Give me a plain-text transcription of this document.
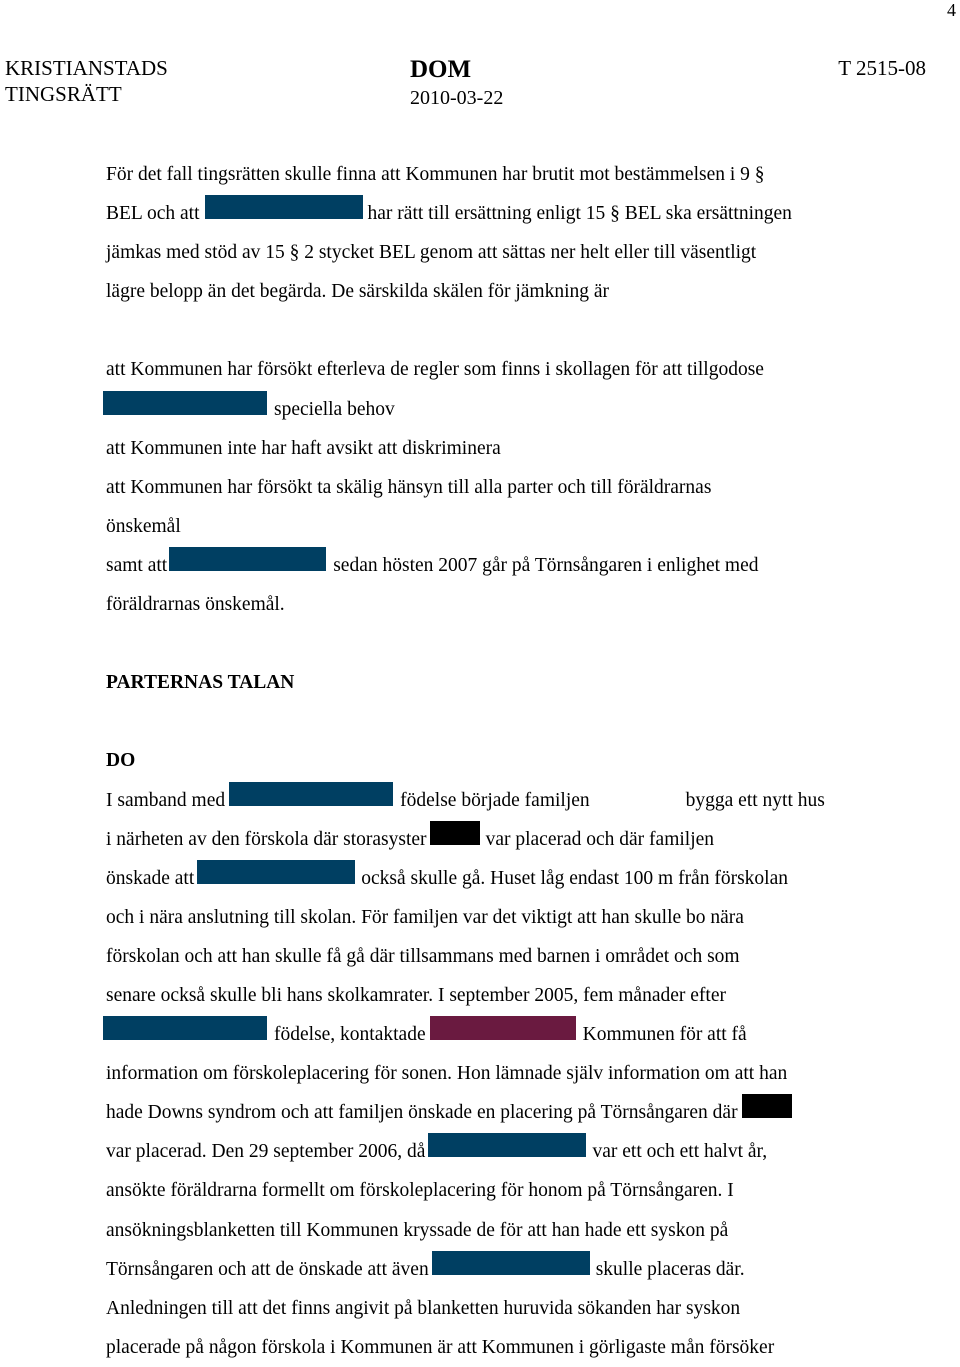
4
KRISTIANSTADS
TINGSRÄTT
DOM
2010-03-22
T 2515-08
För det fall tingsrätten skulle finna att Kommunen har brutit mot bestämmelsen i 9 §
BEL och att	har rätt till ersättning enligt 15 § BEL ska ersättningen
jämkas med stöd av 15 § 2 stycket BEL genom att sättas ner helt eller till väsentligt
lägre belopp än det begärda. De särskilda skälen för jämkning är
att Kommunen har försökt efterleva de regler som finns i skollagen för att tillgodose
speciella behov
att Kommunen inte har haft avsikt att diskriminera
att Kommunen har försökt ta skälig hänsyn till alla parter och till föräldrarnas
önskemål
samt att	sedan hösten 2007 går på Törnsångaren i enlighet med
föräldrarnas önskemål.
PARTERNAS TALAN
DO
I samband med	födelse började familjen	bygga ett nytt hus
i närheten av den förskola där storasyster	var placerad och där familjen
önskade att	också skulle gå. Huset låg endast 100 m från förskolan
och i nära anslutning till skolan. För familjen var det viktigt att han skulle bo nära
förskolan och att han skulle få gå där tillsammans med barnen i området och som
senare också skulle bli hans skolkamrater. I september 2005, fem månader efter
födelse, kontaktade	Kommunen för att få
information om förskoleplacering för sonen. Hon lämnade själv information om att han
hade Downs syndrom och att familjen önskade en placering på Törnsångaren där
var placerad. Den 29 september 2006, då	var ett och ett halvt år,
ansökte föräldrarna formellt om förskoleplacering för honom på Törnsångaren. I
ansökningsblanketten till Kommunen kryssade de för att han hade ett syskon på
Törnsångaren och att de önskade att även	skulle placeras där.
Anledningen till att det finns angivit på blanketten huruvida sökanden har syskon
placerade på någon förskola i Kommunen är att Kommunen i görligaste mån försöker
